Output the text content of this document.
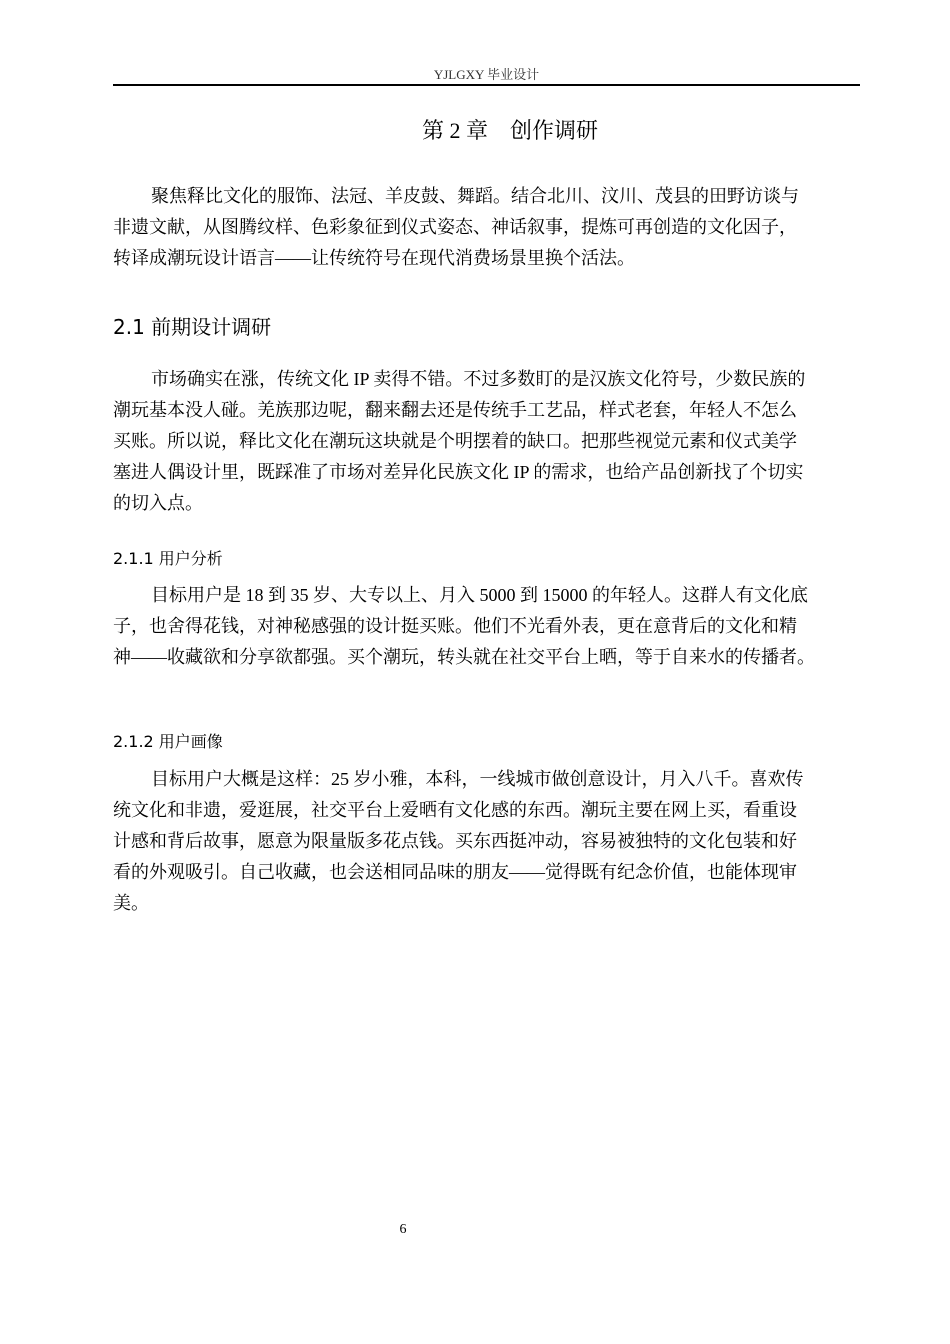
YJLGXY 毕业设计
第 2 章　创作调研
聚焦释比文化的服饰、法冠、羊皮鼓、舞蹈。结合北川、汶川、茂县的田野访谈与
非遗文献，从图腾纹样、色彩象征到仪式姿态、神话叙事，提炼可再创造的文化因子，
转译成潮玩设计语言——让传统符号在现代消费场景里换个活法。
2.1 前期设计调研
市场确实在涨，传统文化 IP 卖得不错。不过多数盯的是汉族文化符号，少数民族的
潮玩基本没人碰。羌族那边呢，翻来翻去还是传统手工艺品，样式老套，年轻人不怎么
买账。所以说，释比文化在潮玩这块就是个明摆着的缺口。把那些视觉元素和仪式美学
塞进人偶设计里，既踩准了市场对差异化民族文化 IP 的需求，也给产品创新找了个切实
的切入点。
2.1.1 用户分析
目标用户是 18 到 35 岁、大专以上、月入 5000 到 15000 的年轻人。这群人有文化底
子，也舍得花钱，对神秘感强的设计挺买账。他们不光看外表，更在意背后的文化和精
神——收藏欲和分享欲都强。买个潮玩，转头就在社交平台上晒，等于自来水的传播者。
2.1.2 用户画像
目标用户大概是这样：25 岁小雅，本科，一线城市做创意设计，月入八千。喜欢传
统文化和非遗，爱逛展，社交平台上爱晒有文化感的东西。潮玩主要在网上买，看重设
计感和背后故事，愿意为限量版多花点钱。买东西挺冲动，容易被独特的文化包装和好
看的外观吸引。自己收藏，也会送相同品味的朋友——觉得既有纪念价值，也能体现审
美。
6
